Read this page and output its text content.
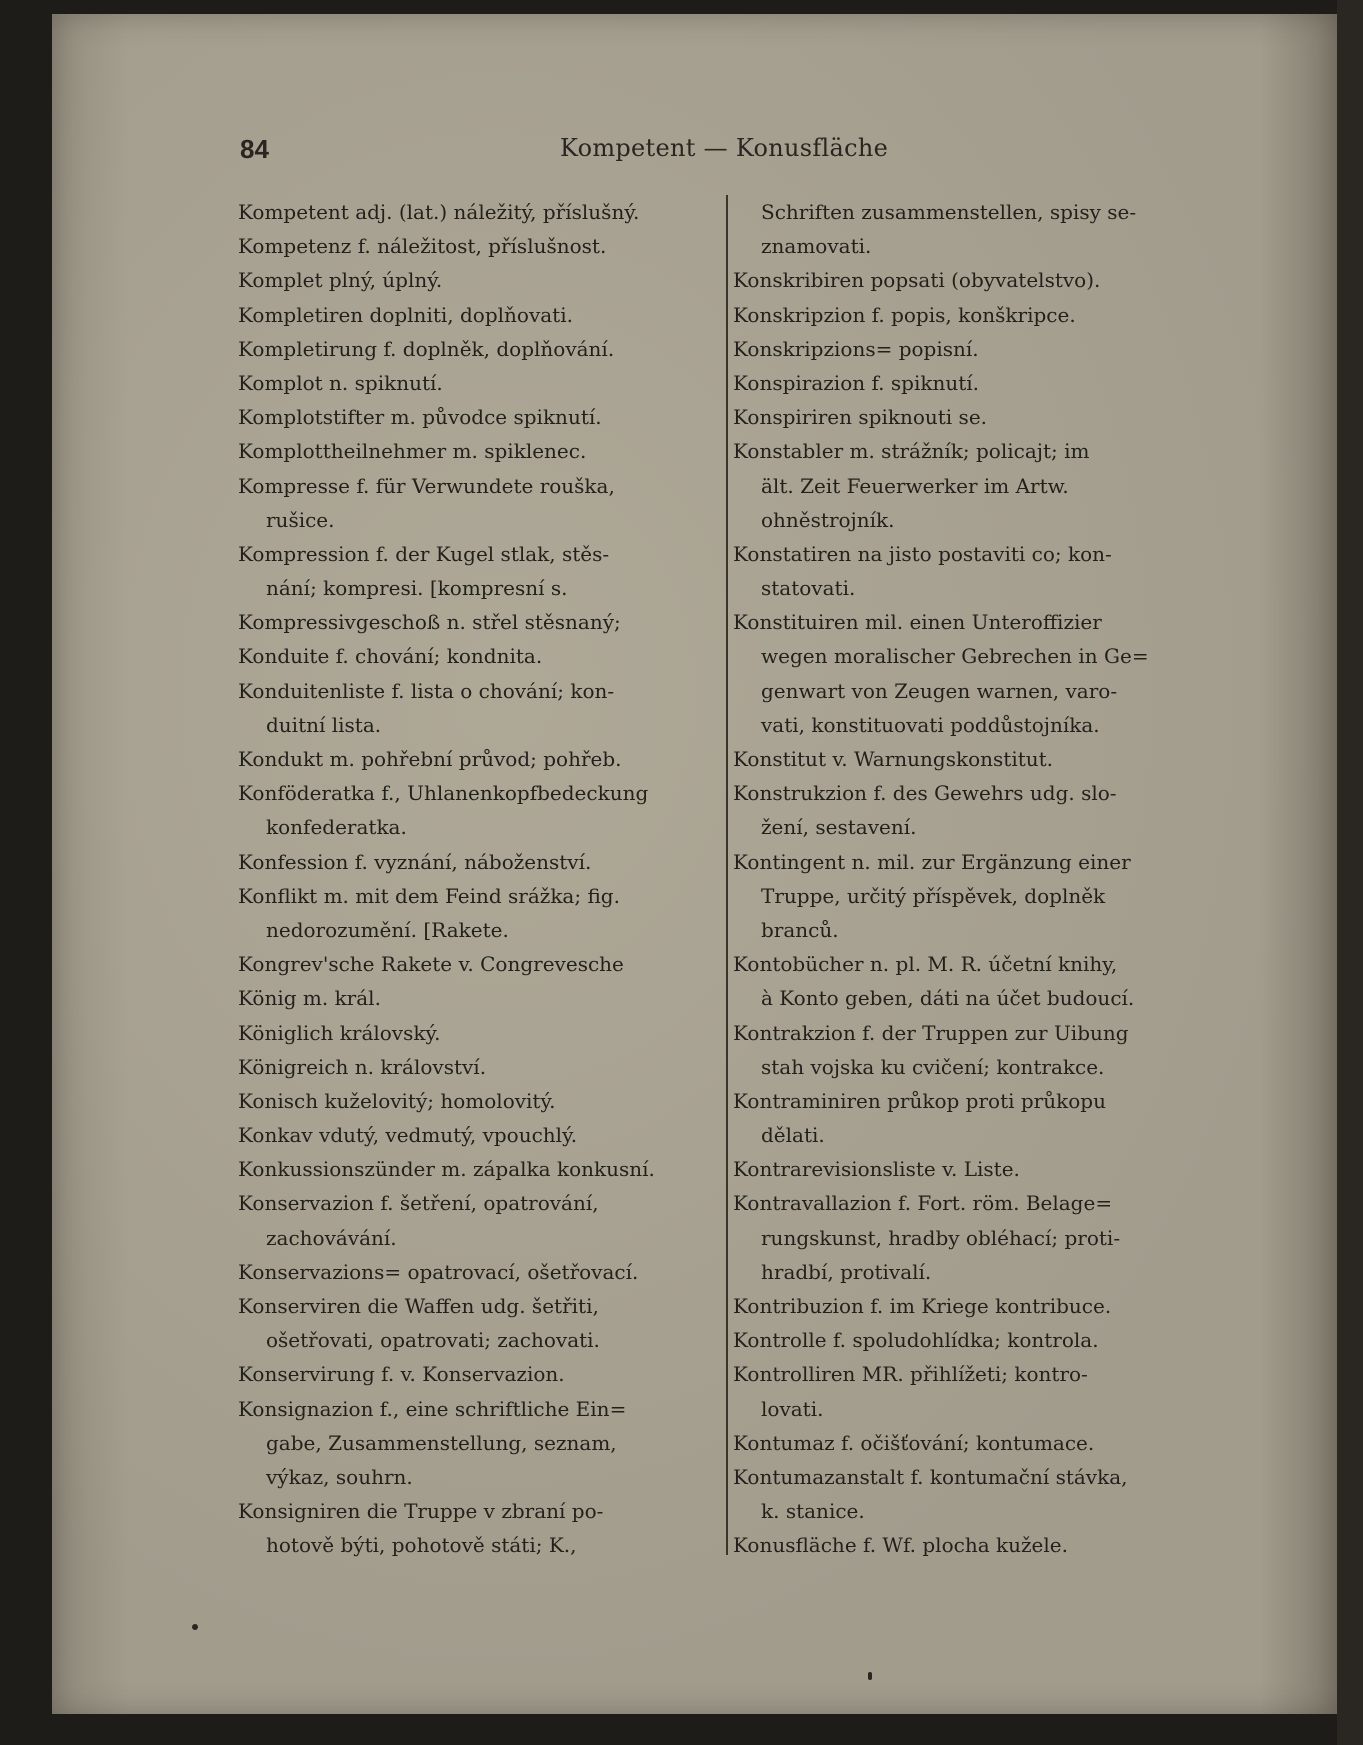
84	Kompetent — Konusfläche
Kompetent adj. (lat.) náležitý, příslušný.
Kompetenz f. náležitost, příslušnost.
Komplet plný, úplný.
Kompletiren doplniti, doplňovati.
Kompletirung f. doplněk, doplňování.
Komplot n. spiknutí.
Komplotstifter m. původce spiknutí.
Komplottheilnehmer m. spiklenec.
Kompresse f. für Verwundete rouška,
rušice.
Kompression f. der Kugel stlak, stěs-
nání; kompresi. [kompresní s.
Kompressivgeschoß n. střel stěsnaný;
Konduite f. chování; kondnita.
Konduitenliste f. lista o chování; kon-
duitní lista.
Kondukt m. pohřební průvod; pohřeb.
Konföderatka f., Uhlanenkopfbedeckung
konfederatka.
Konfession f. vyznání, náboženství.
Konflikt m. mit dem Feind srážka; fig.
nedorozumění. [Rakete.
Kongrev'sche Rakete v. Congrevesche
König m. král.
Königlich královský.
Königreich n. království.
Konisch kuželovitý; homolovitý.
Konkav vdutý, vedmutý, vpouchlý.
Konkussionszünder m. zápalka konkusní.
Konservazion f. šetření, opatrování,
zachovávání.
Konservazions= opatrovací, ošetřovací.
Konserviren die Waffen udg. šetřiti,
ošetřovati, opatrovati; zachovati.
Konservirung f. v. Konservazion.
Konsignazion f., eine schriftliche Ein=
gabe, Zusammenstellung, seznam,
výkaz, souhrn.
Konsigniren die Truppe v zbraní po-
hotově býti, pohotově státi; K.,
Schriften zusammenstellen, spisy se-
znamovati.
Konskribiren popsati (obyvatelstvo).
Konskripzion f. popis, konškripce.
Konskripzions= popisní.
Konspirazion f. spiknutí.
Konspiriren spiknouti se.
Konstabler m. strážník; policajt; im
ält. Zeit Feuerwerker im Artw.
ohněstrojník.
Konstatiren na jisto postaviti co; kon-
statovati.
Konstituiren mil. einen Unteroffizier
wegen moralischer Gebrechen in Ge=
genwart von Zeugen warnen, varo-
vati, konstituovati poddůstojníka.
Konstitut v. Warnungskonstitut.
Konstrukzion f. des Gewehrs udg. slo-
žení, sestavení.
Kontingent n. mil. zur Ergänzung einer
Truppe, určitý příspěvek, doplněk
branců.
Kontobücher n. pl. M. R. účetní knihy,
à Konto geben, dáti na účet budoucí.
Kontrakzion f. der Truppen zur Uibung
stah vojska ku cvičení; kontrakce.
Kontraminiren průkop proti průkopu
dělati.
Kontrarevisionsliste v. Liste.
Kontravallazion f. Fort. röm. Belage=
rungskunst, hradby obléhací; proti-
hradbí, protivalí.
Kontribuzion f. im Kriege kontribuce.
Kontrolle f. spoludohlídka; kontrola.
Kontrolliren MR. přihlížeti; kontro-
lovati.
Kontumaz f. očišťování; kontumace.
Kontumazanstalt f. kontumační stávka,
k. stanice.
Konusfläche f. Wf. plocha kužele.
